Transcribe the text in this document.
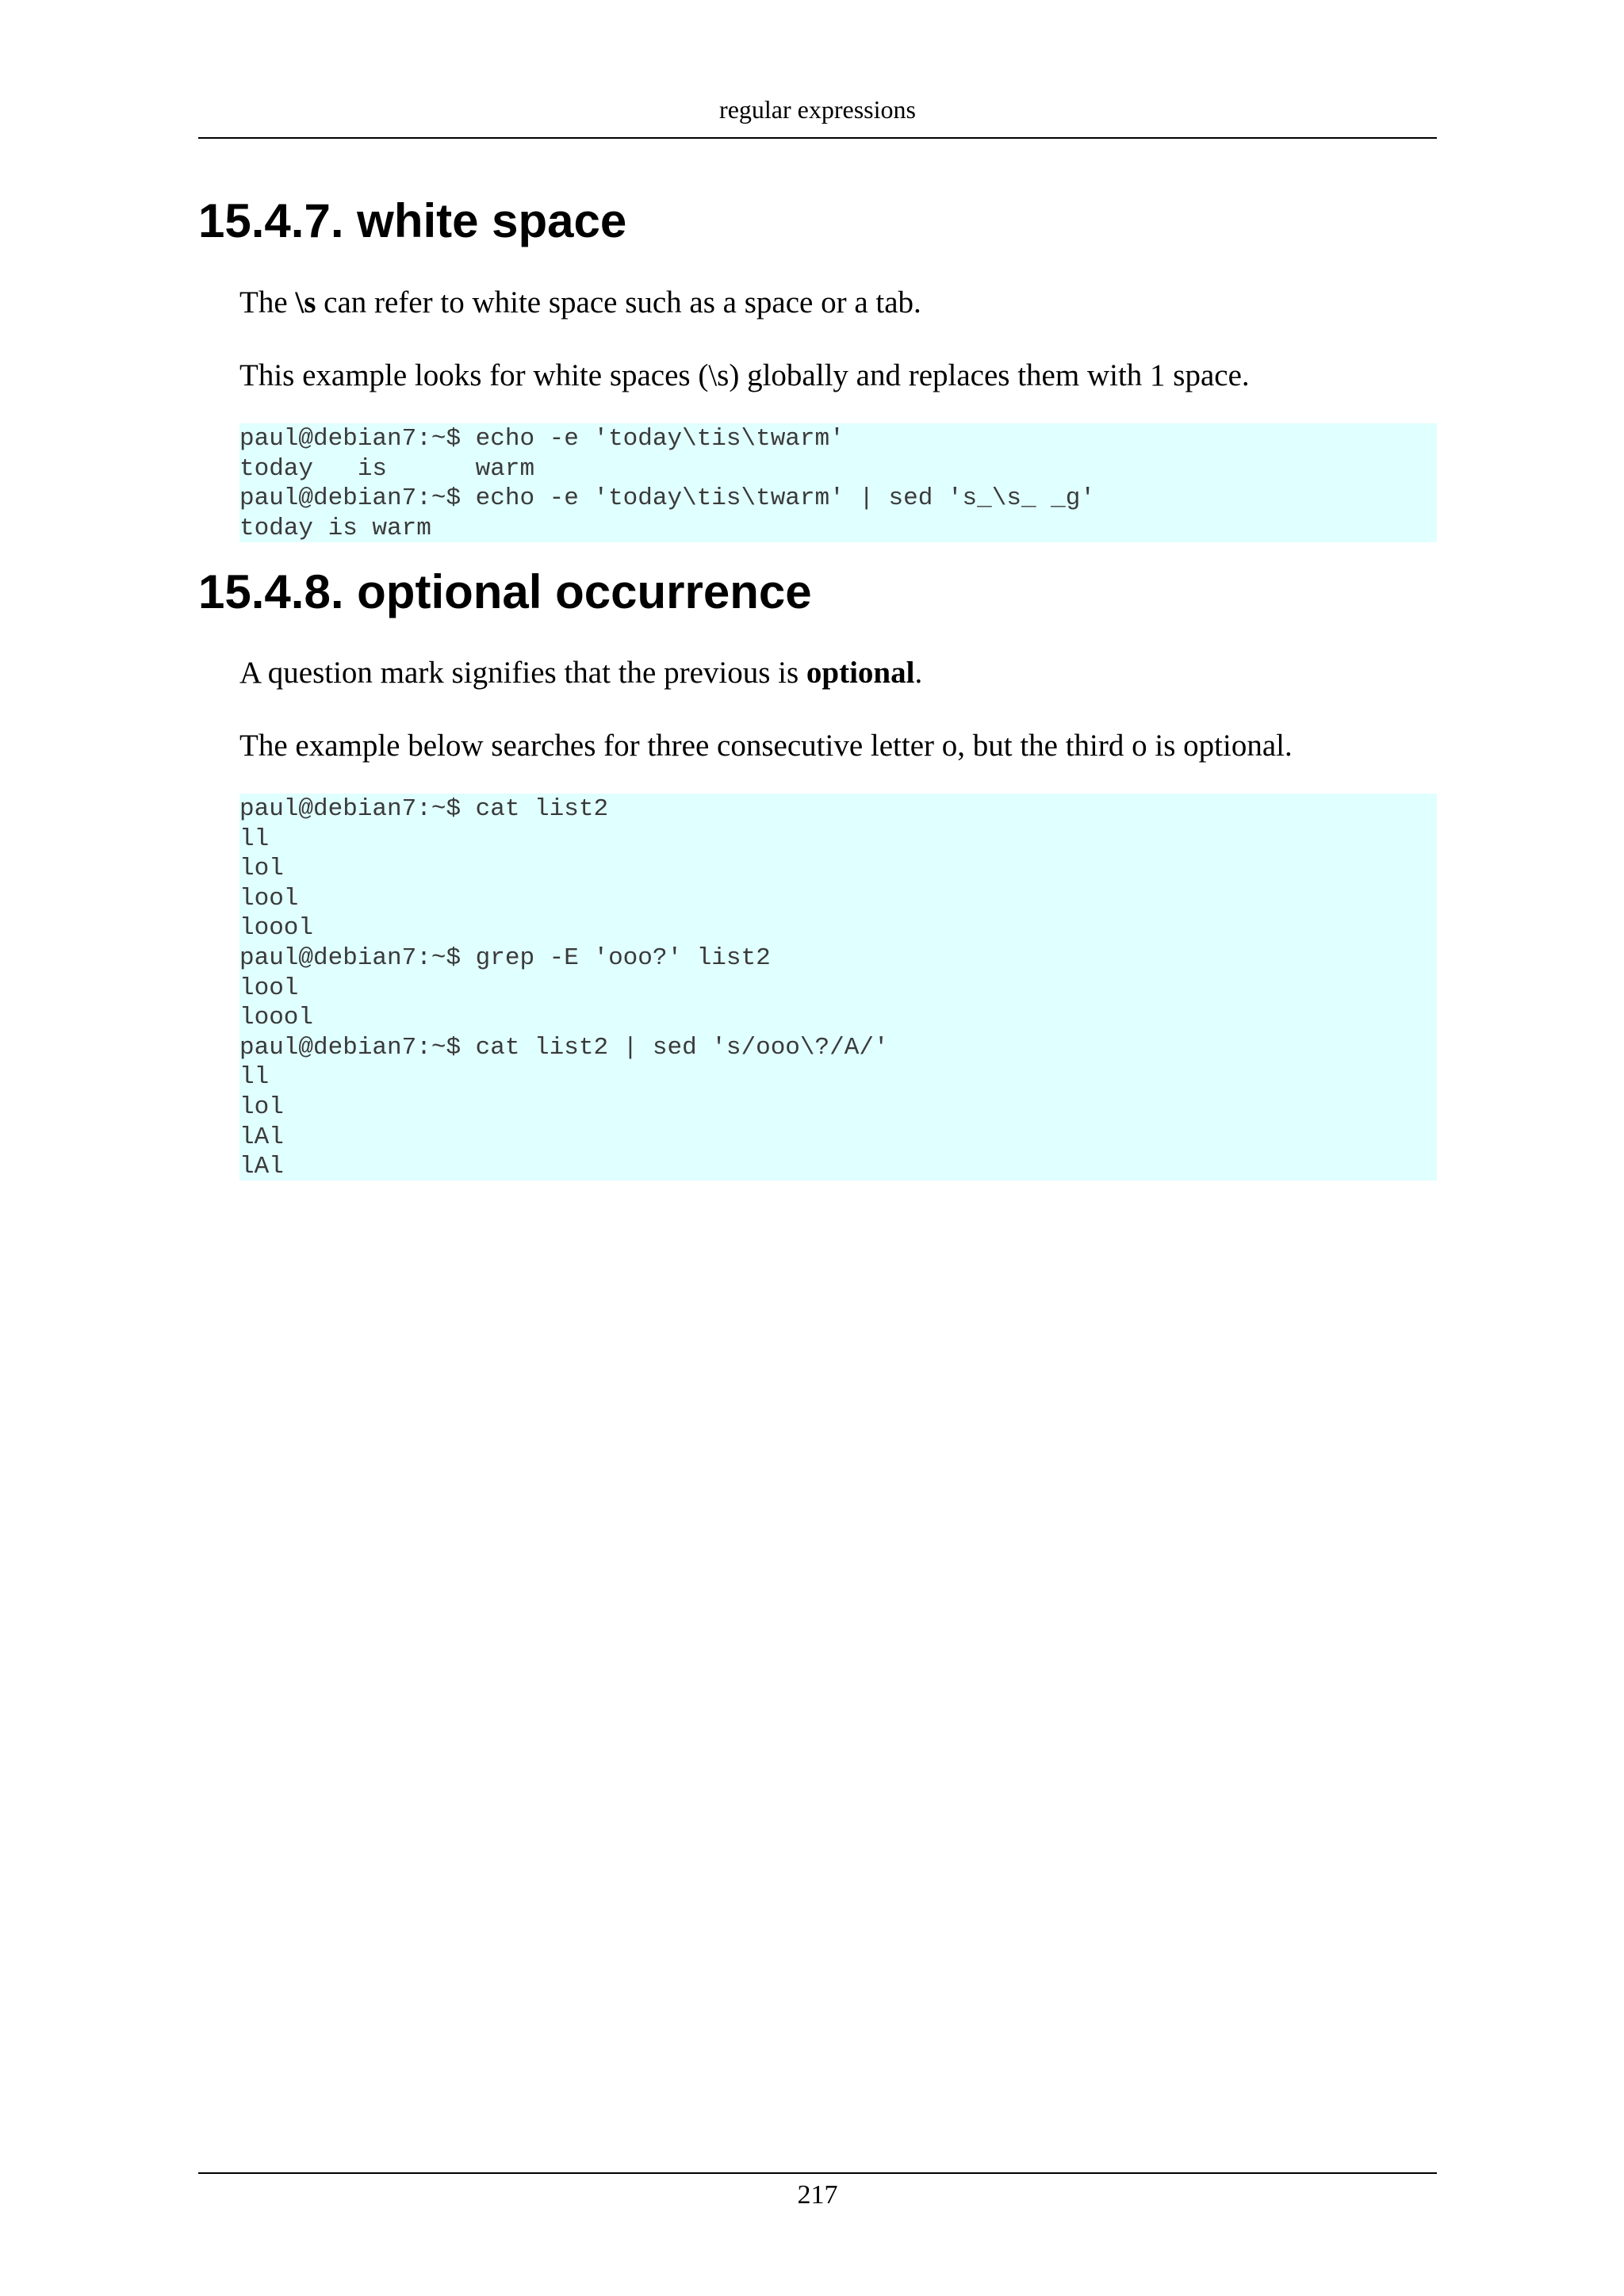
regular expressions
15.4.7. white space

The \s can refer to white space such as a space or a tab.

This example looks for white spaces (\s) globally and replaces them with 1 space.

paul@debian7:~$ echo -e 'today\tis\twarm'
today   is      warm
paul@debian7:~$ echo -e 'today\tis\twarm' | sed 's_\s_ _g'
today is warm
15.4.8. optional occurrence

A question mark signifies that the previous is optional.

The example below searches for three consecutive letter o, but the third o is optional.

paul@debian7:~$ cat list2
ll
lol
lool
loool
paul@debian7:~$ grep -E 'ooo?' list2
lool
loool
paul@debian7:~$ cat list2 | sed 's/ooo\?/A/'
ll
lol
lAl
lAl
217
